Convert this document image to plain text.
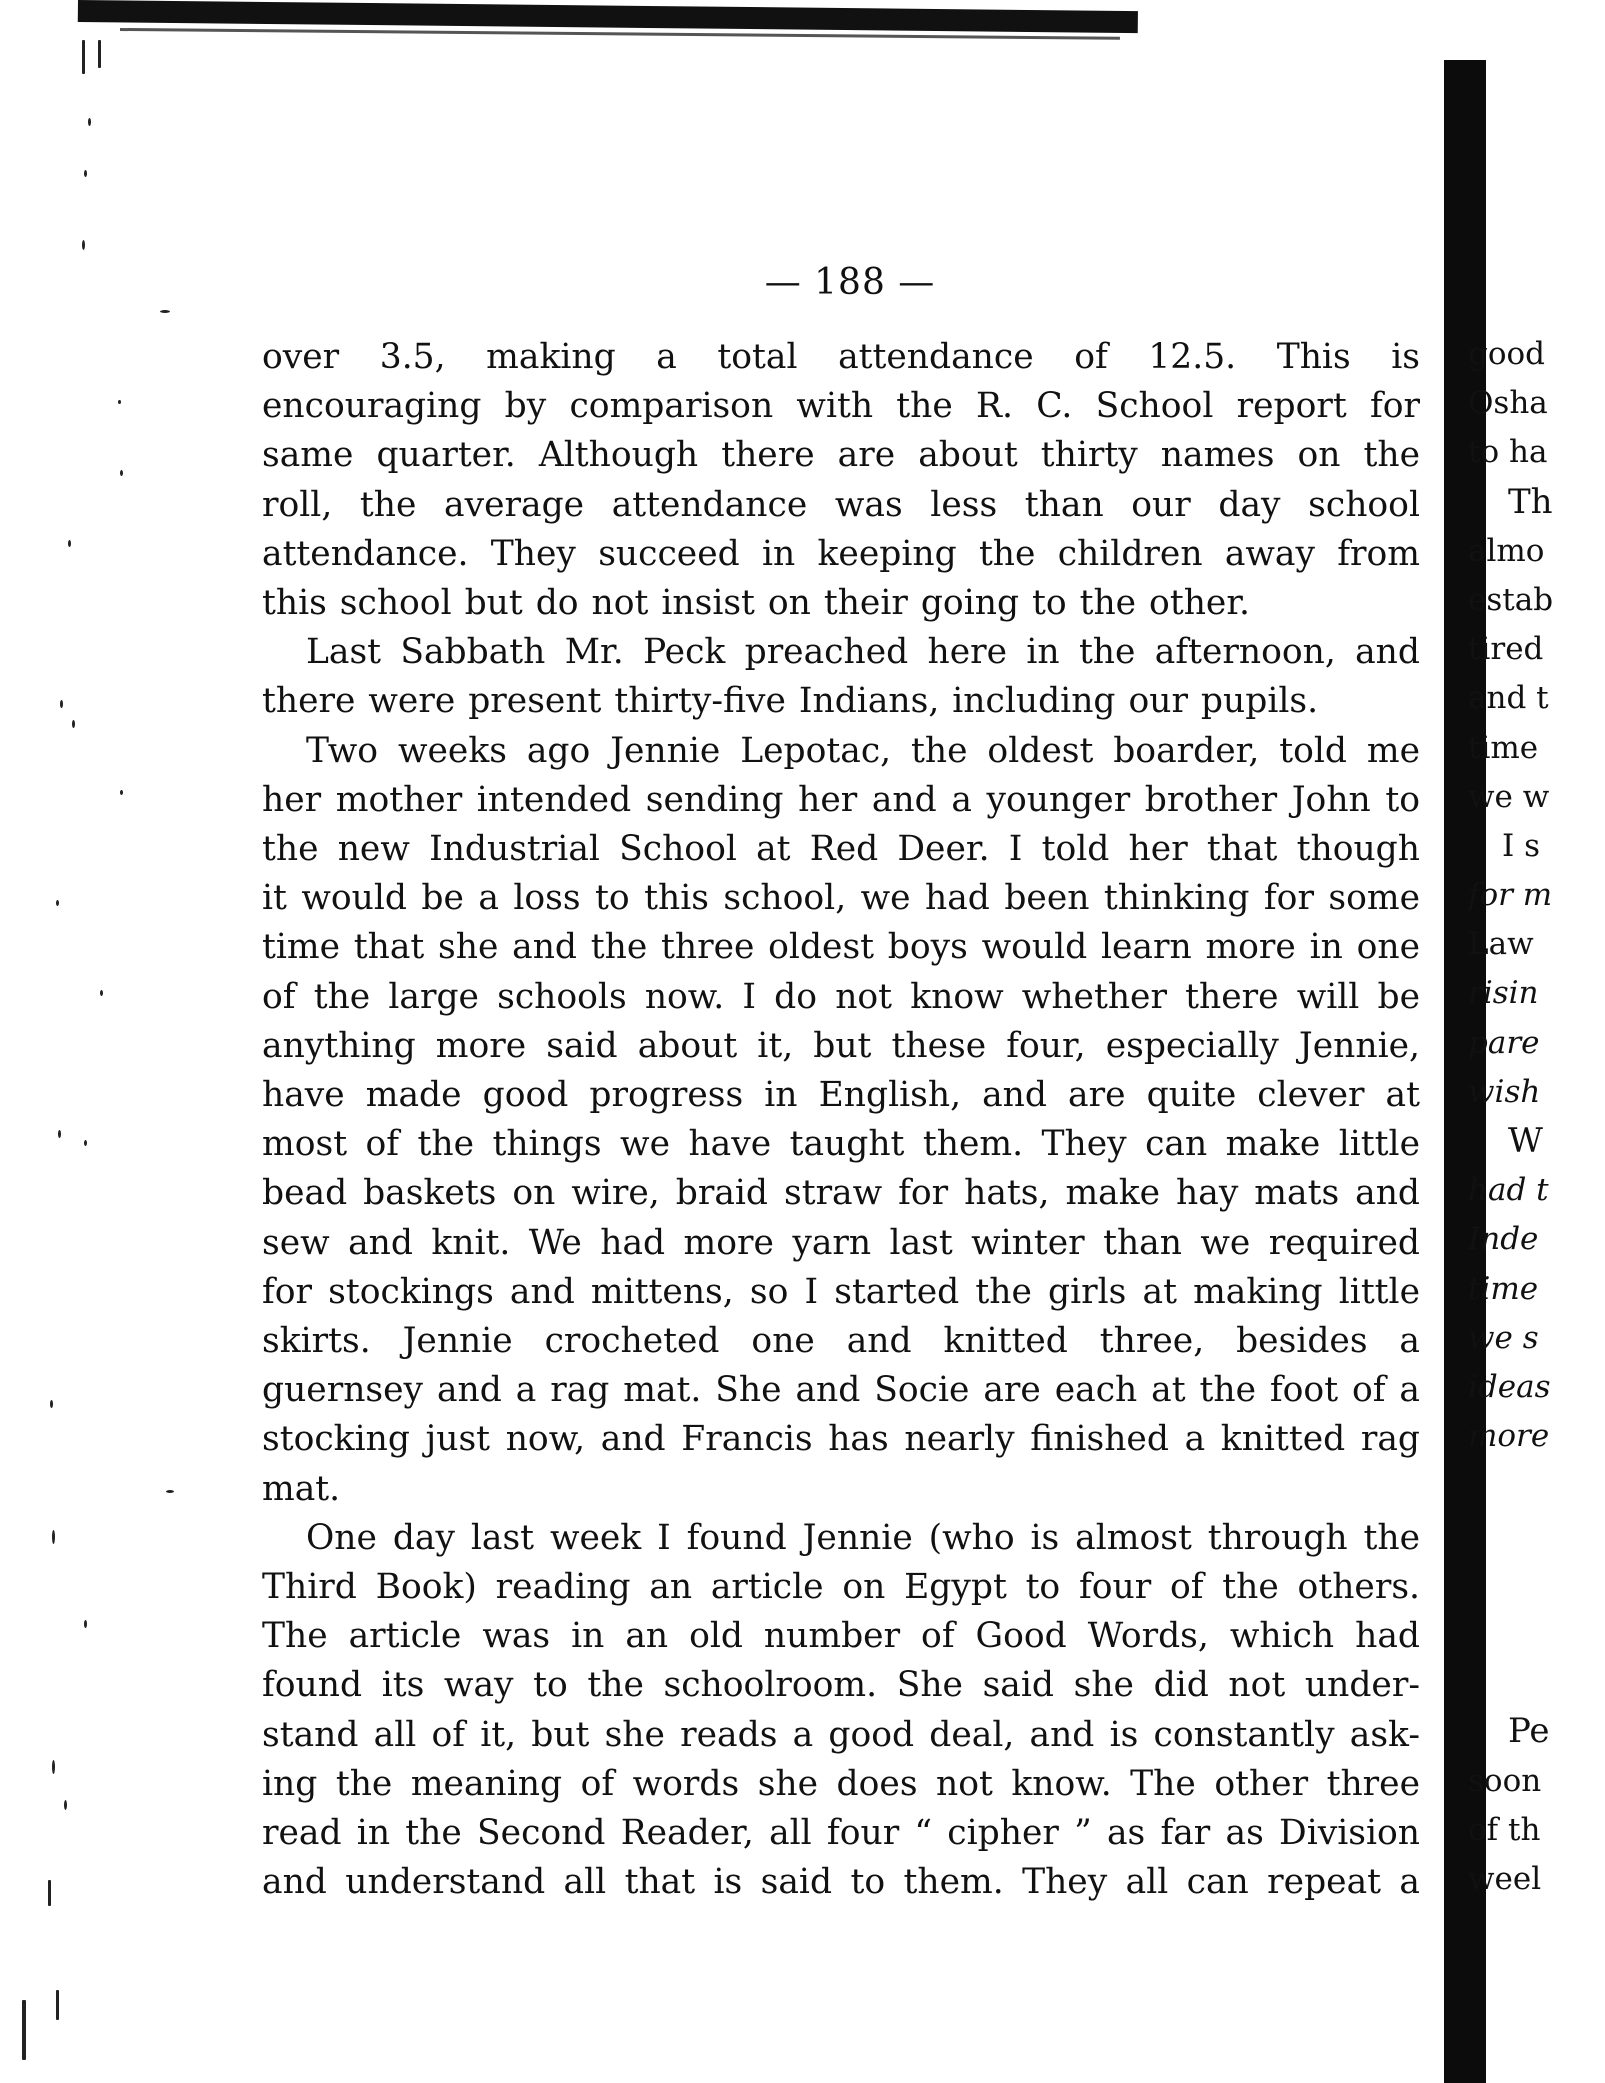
— 188 —
over 3.5, making a total attendance of 12.5. This is
encouraging by comparison with the R. C. School report for
same quarter. Although there are about thirty names on the
roll, the average attendance was less than our day school
attendance. They succeed in keeping the children away from
this school but do not insist on their going to the other.
Last Sabbath Mr. Peck preached here in the afternoon, and
there were present thirty-five Indians, including our pupils.
Two weeks ago Jennie Lepotac, the oldest boarder, told me
her mother intended sending her and a younger brother John to
the new Industrial School at Red Deer. I told her that though
it would be a loss to this school, we had been thinking for some
time that she and the three oldest boys would learn more in one
of the large schools now. I do not know whether there will be
anything more said about it, but these four, especially Jennie,
have made good progress in English, and are quite clever at
most of the things we have taught them. They can make little
bead baskets on wire, braid straw for hats, make hay mats and
sew and knit. We had more yarn last winter than we required
for stockings and mittens, so I started the girls at making little
skirts. Jennie crocheted one and knitted three, besides a
guernsey and a rag mat. She and Socie are each at the foot of a
stocking just now, and Francis has nearly finished a knitted rag
mat.
One day last week I found Jennie (who is almost through the
Third Book) reading an article on Egypt to four of the others.
The article was in an old number of Good Words, which had
found its way to the schoolroom. She said she did not under-
stand all of it, but she reads a good deal, and is constantly ask-
ing the meaning of words she does not know. The other three
read in the Second Reader, all four “ cipher ” as far as Division
and understand all that is said to them. They all can repeat a
good
Osha
to ha
Th
almo
estab
tired
and t
time
we w
I s
for m
Law
risin
pare
wish
W
had t
Inde
time
we s
ideas
more
Pe
soon
of th
weel
